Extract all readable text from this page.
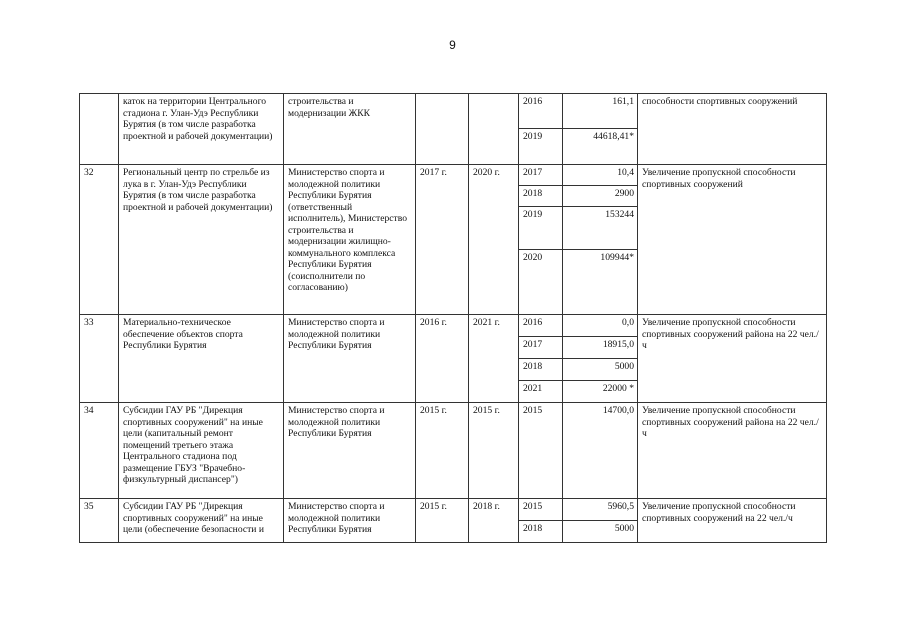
9
	каток на территории Центрального стадиона г. Улан-Удэ Республики Бурятия (в том числе разработка проектной и рабочей документации)	строительства и модернизации ЖКК			2016	161,1	способности спортивных сооружений
					2019	44618,41*	
32	Региональный центр по стрельбе из лука в г. Улан-Удэ Республики Бурятия (в том числе разработка проектной и рабочей документации)	Министерство спорта и молодежной политики Республики Бурятия (ответственный исполнитель), Министерство строительства и модернизации жилищно-коммунального комплекса Республики Бурятия (соисполнители по согласованию)	2017 г.	2020 г.	2017	10,4	Увеличение пропускной способности спортивных сооружений
					2018	2900	
					2019	153244	
					2020	109944*	
33	Материально-техническое обеспечение объектов спорта Республики Бурятия	Министерство спорта и молодежной политики Республики Бурятия	2016 г.	2021 г.	2016	0,0	Увеличение пропускной способности спортивных сооружений района на 22 чел./ч
					2017	18915,0	
					2018	5000	
					2021	22000 *	
34	Субсидии ГАУ РБ "Дирекция спортивных сооружений" на иные цели (капитальный ремонт помещений третьего этажа Центрального стадиона под размещение ГБУЗ "Врачебно-физкультурный диспансер")	Министерство спорта и молодежной политики Республики Бурятия	2015 г.	2015 г.	2015	14700,0	Увеличение пропускной способности спортивных сооружений района на 22 чел./ч
35	Субсидии ГАУ РБ "Дирекция спортивных сооружений" на иные цели (обеспечение безопасности и	Министерство спорта и молодежной политики Республики Бурятия	2015 г.	2018 г.	2015	5960,5	Увеличение пропускной способности спортивных сооружений на 22 чел./ч
					2018	5000	
